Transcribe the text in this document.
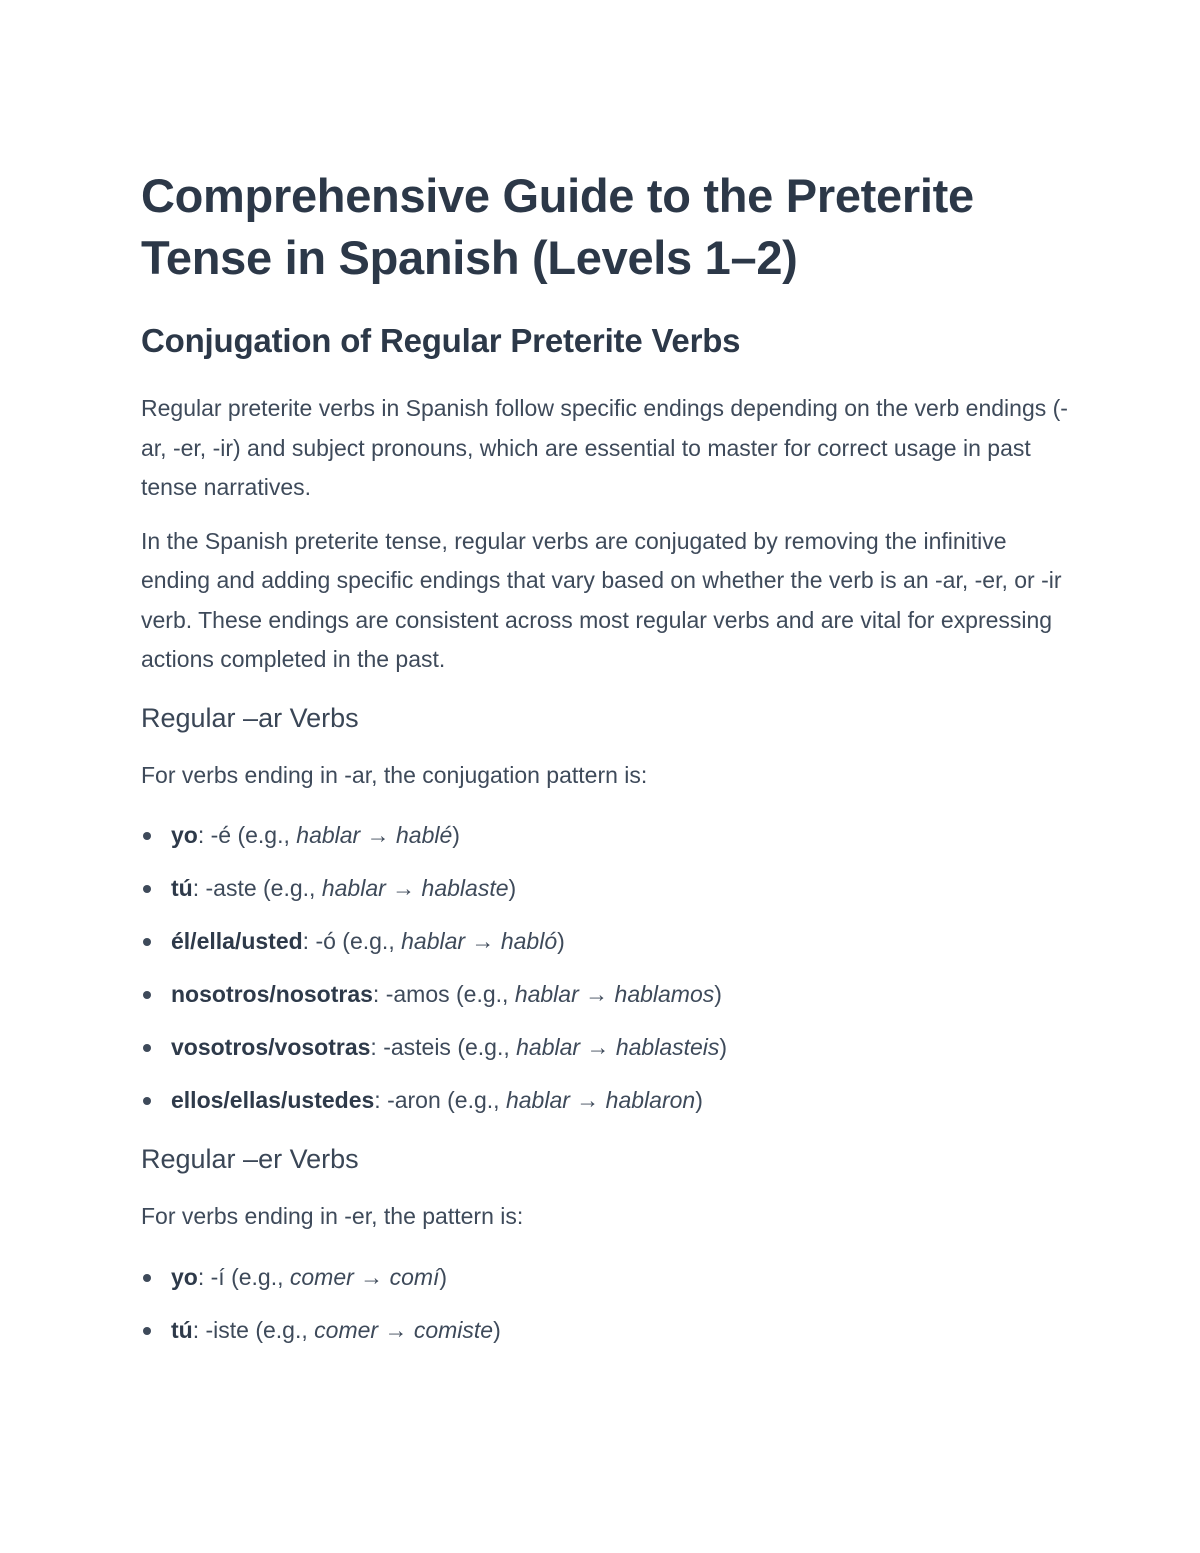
Comprehensive Guide to the Preterite Tense in Spanish (Levels 1–2)
Conjugation of Regular Preterite Verbs

Regular preterite verbs in Spanish follow specific endings depending on the verb endings (-ar, -er, -ir) and subject pronouns, which are essential to master for correct usage in past tense narratives.

In the Spanish preterite tense, regular verbs are conjugated by removing the infinitive ending and adding specific endings that vary based on whether the verb is an -ar, -er, or -ir verb. These endings are consistent across most regular verbs and are vital for expressing actions completed in the past.

Regular –ar Verbs

For verbs ending in -ar, the conjugation pattern is:

yo: -é (e.g., hablar → hablé)
tú: -aste (e.g., hablar → hablaste)
él/ella/usted: -ó (e.g., hablar → habló)
nosotros/nosotras: -amos (e.g., hablar → hablamos)
vosotros/vosotras: -asteis (e.g., hablar → hablasteis)
ellos/ellas/ustedes: -aron (e.g., hablar → hablaron)
Regular –er Verbs

For verbs ending in -er, the pattern is:

yo: -í (e.g., comer → comí)
tú: -iste (e.g., comer → comiste)
